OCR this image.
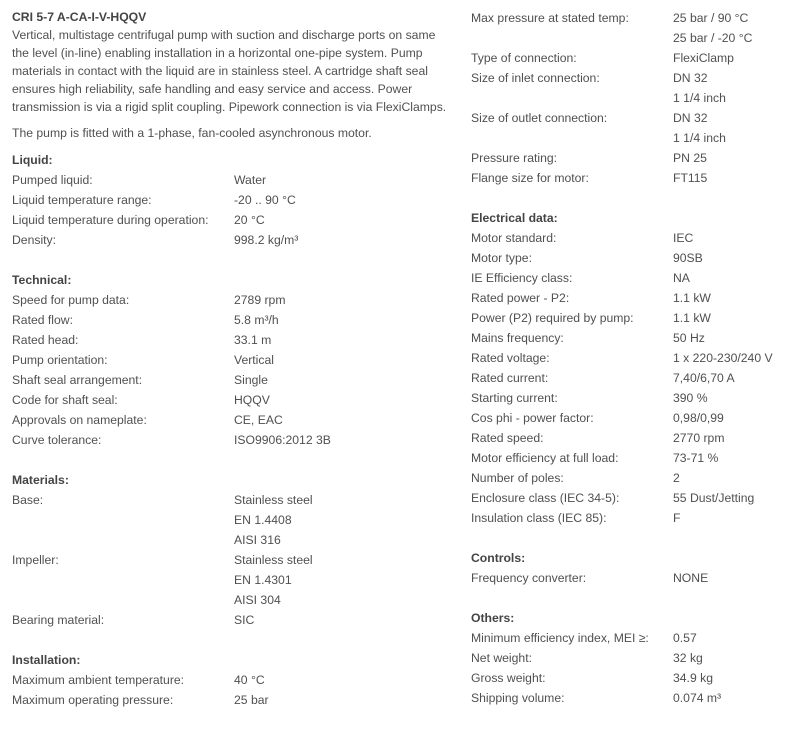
CRI 5-7 A-CA-I-V-HQQV
Vertical, multistage centrifugal pump with suction and discharge ports on same the level (in-line) enabling installation in a horizontal one-pipe system. Pump materials in contact with the liquid are in stainless steel. A cartridge shaft seal ensures high reliability, safe handling and easy service and access. Power transmission is via a rigid split coupling. Pipework connection is via FlexiClamps.
The pump is fitted with a 1-phase, fan-cooled asynchronous motor.
Liquid:
Pumped liquid:	Water
Liquid temperature range:	-20 .. 90 °C
Liquid temperature during operation:	20 °C
Density:	998.2 kg/m³
Technical:
Speed for pump data:	2789 rpm
Rated flow:	5.8 m³/h
Rated head:	33.1 m
Pump orientation:	Vertical
Shaft seal arrangement:	Single
Code for shaft seal:	HQQV
Approvals on nameplate:	CE, EAC
Curve tolerance:	ISO9906:2012 3B
Materials:
Base:	Stainless steel
EN 1.4408
AISI 316
Impeller:	Stainless steel
EN 1.4301
AISI 304
Bearing material:	SIC
Installation:
Maximum ambient temperature:	40 °C
Maximum operating pressure:	25 bar
Max pressure at stated temp:	25 bar / 90 °C
25 bar / -20 °C
Type of connection:	FlexiClamp
Size of inlet connection:	DN 32
1 1/4 inch
Size of outlet connection:	DN 32
1 1/4 inch
Pressure rating:	PN 25
Flange size for motor:	FT115
Electrical data:
Motor standard:	IEC
Motor type:	90SB
IE Efficiency class:	NA
Rated power - P2:	1.1 kW
Power (P2) required by pump:	1.1 kW
Mains frequency:	50 Hz
Rated voltage:	1 x 220-230/240 V
Rated current:	7,40/6,70 A
Starting current:	390 %
Cos phi - power factor:	0,98/0,99
Rated speed:	2770 rpm
Motor efficiency at full load:	73-71 %
Number of poles:	2
Enclosure class (IEC 34-5):	55 Dust/Jetting
Insulation class (IEC 85):	F
Controls:
Frequency converter:	NONE
Others:
Minimum efficiency index, MEI ≥:	0.57
Net weight:	32 kg
Gross weight:	34.9 kg
Shipping volume:	0.074 m³
